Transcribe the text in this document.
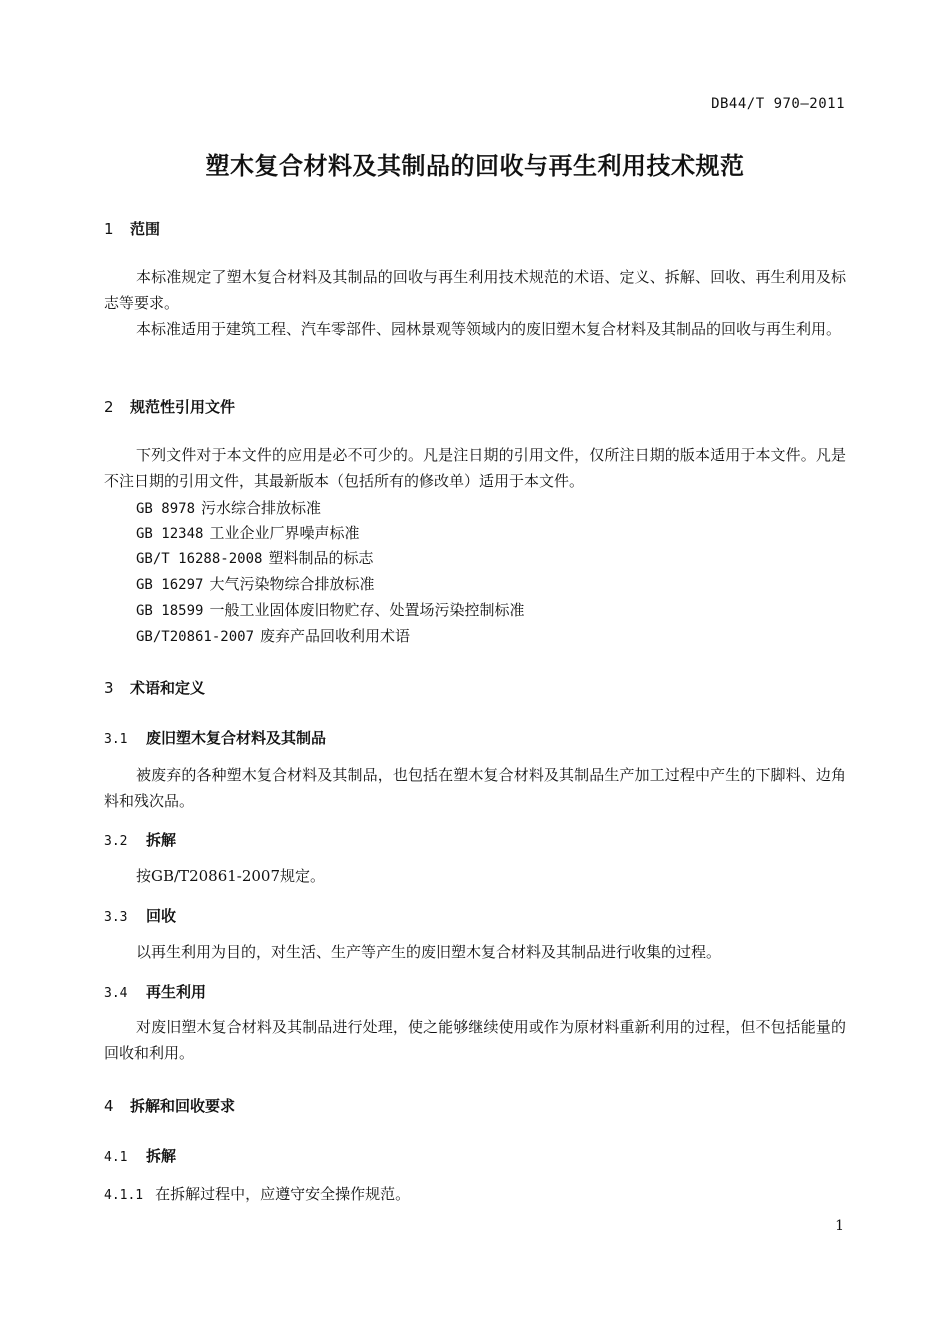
DB44/T 970—2011
塑木复合材料及其制品的回收与再生利用技术规范
1 范围
本标准规定了塑木复合材料及其制品的回收与再生利用技术规范的术语、定义、拆解、回收、再生利用及标志等要求。
本标准适用于建筑工程、汽车零部件、园林景观等领域内的废旧塑木复合材料及其制品的回收与再生利用。
2 规范性引用文件
下列文件对于本文件的应用是必不可少的。凡是注日期的引用文件，仅所注日期的版本适用于本文件。凡是不注日期的引用文件，其最新版本（包括所有的修改单）适用于本文件。
GB 8978 污水综合排放标准
GB 12348 工业企业厂界噪声标准
GB/T 16288-2008 塑料制品的标志
GB 16297 大气污染物综合排放标准
GB 18599 一般工业固体废旧物贮存、处置场污染控制标准
GB/T20861-2007 废弃产品回收利用术语
3 术语和定义
3.1 废旧塑木复合材料及其制品
被废弃的各种塑木复合材料及其制品，也包括在塑木复合材料及其制品生产加工过程中产生的下脚料、边角料和残次品。
3.2 拆解
按GB/T20861-2007规定。
3.3 回收
以再生利用为目的，对生活、生产等产生的废旧塑木复合材料及其制品进行收集的过程。
3.4 再生利用
对废旧塑木复合材料及其制品进行处理，使之能够继续使用或作为原材料重新利用的过程，但不包括能量的回收和利用。
4 拆解和回收要求
4.1 拆解
4.1.1 在拆解过程中，应遵守安全操作规范。
1
